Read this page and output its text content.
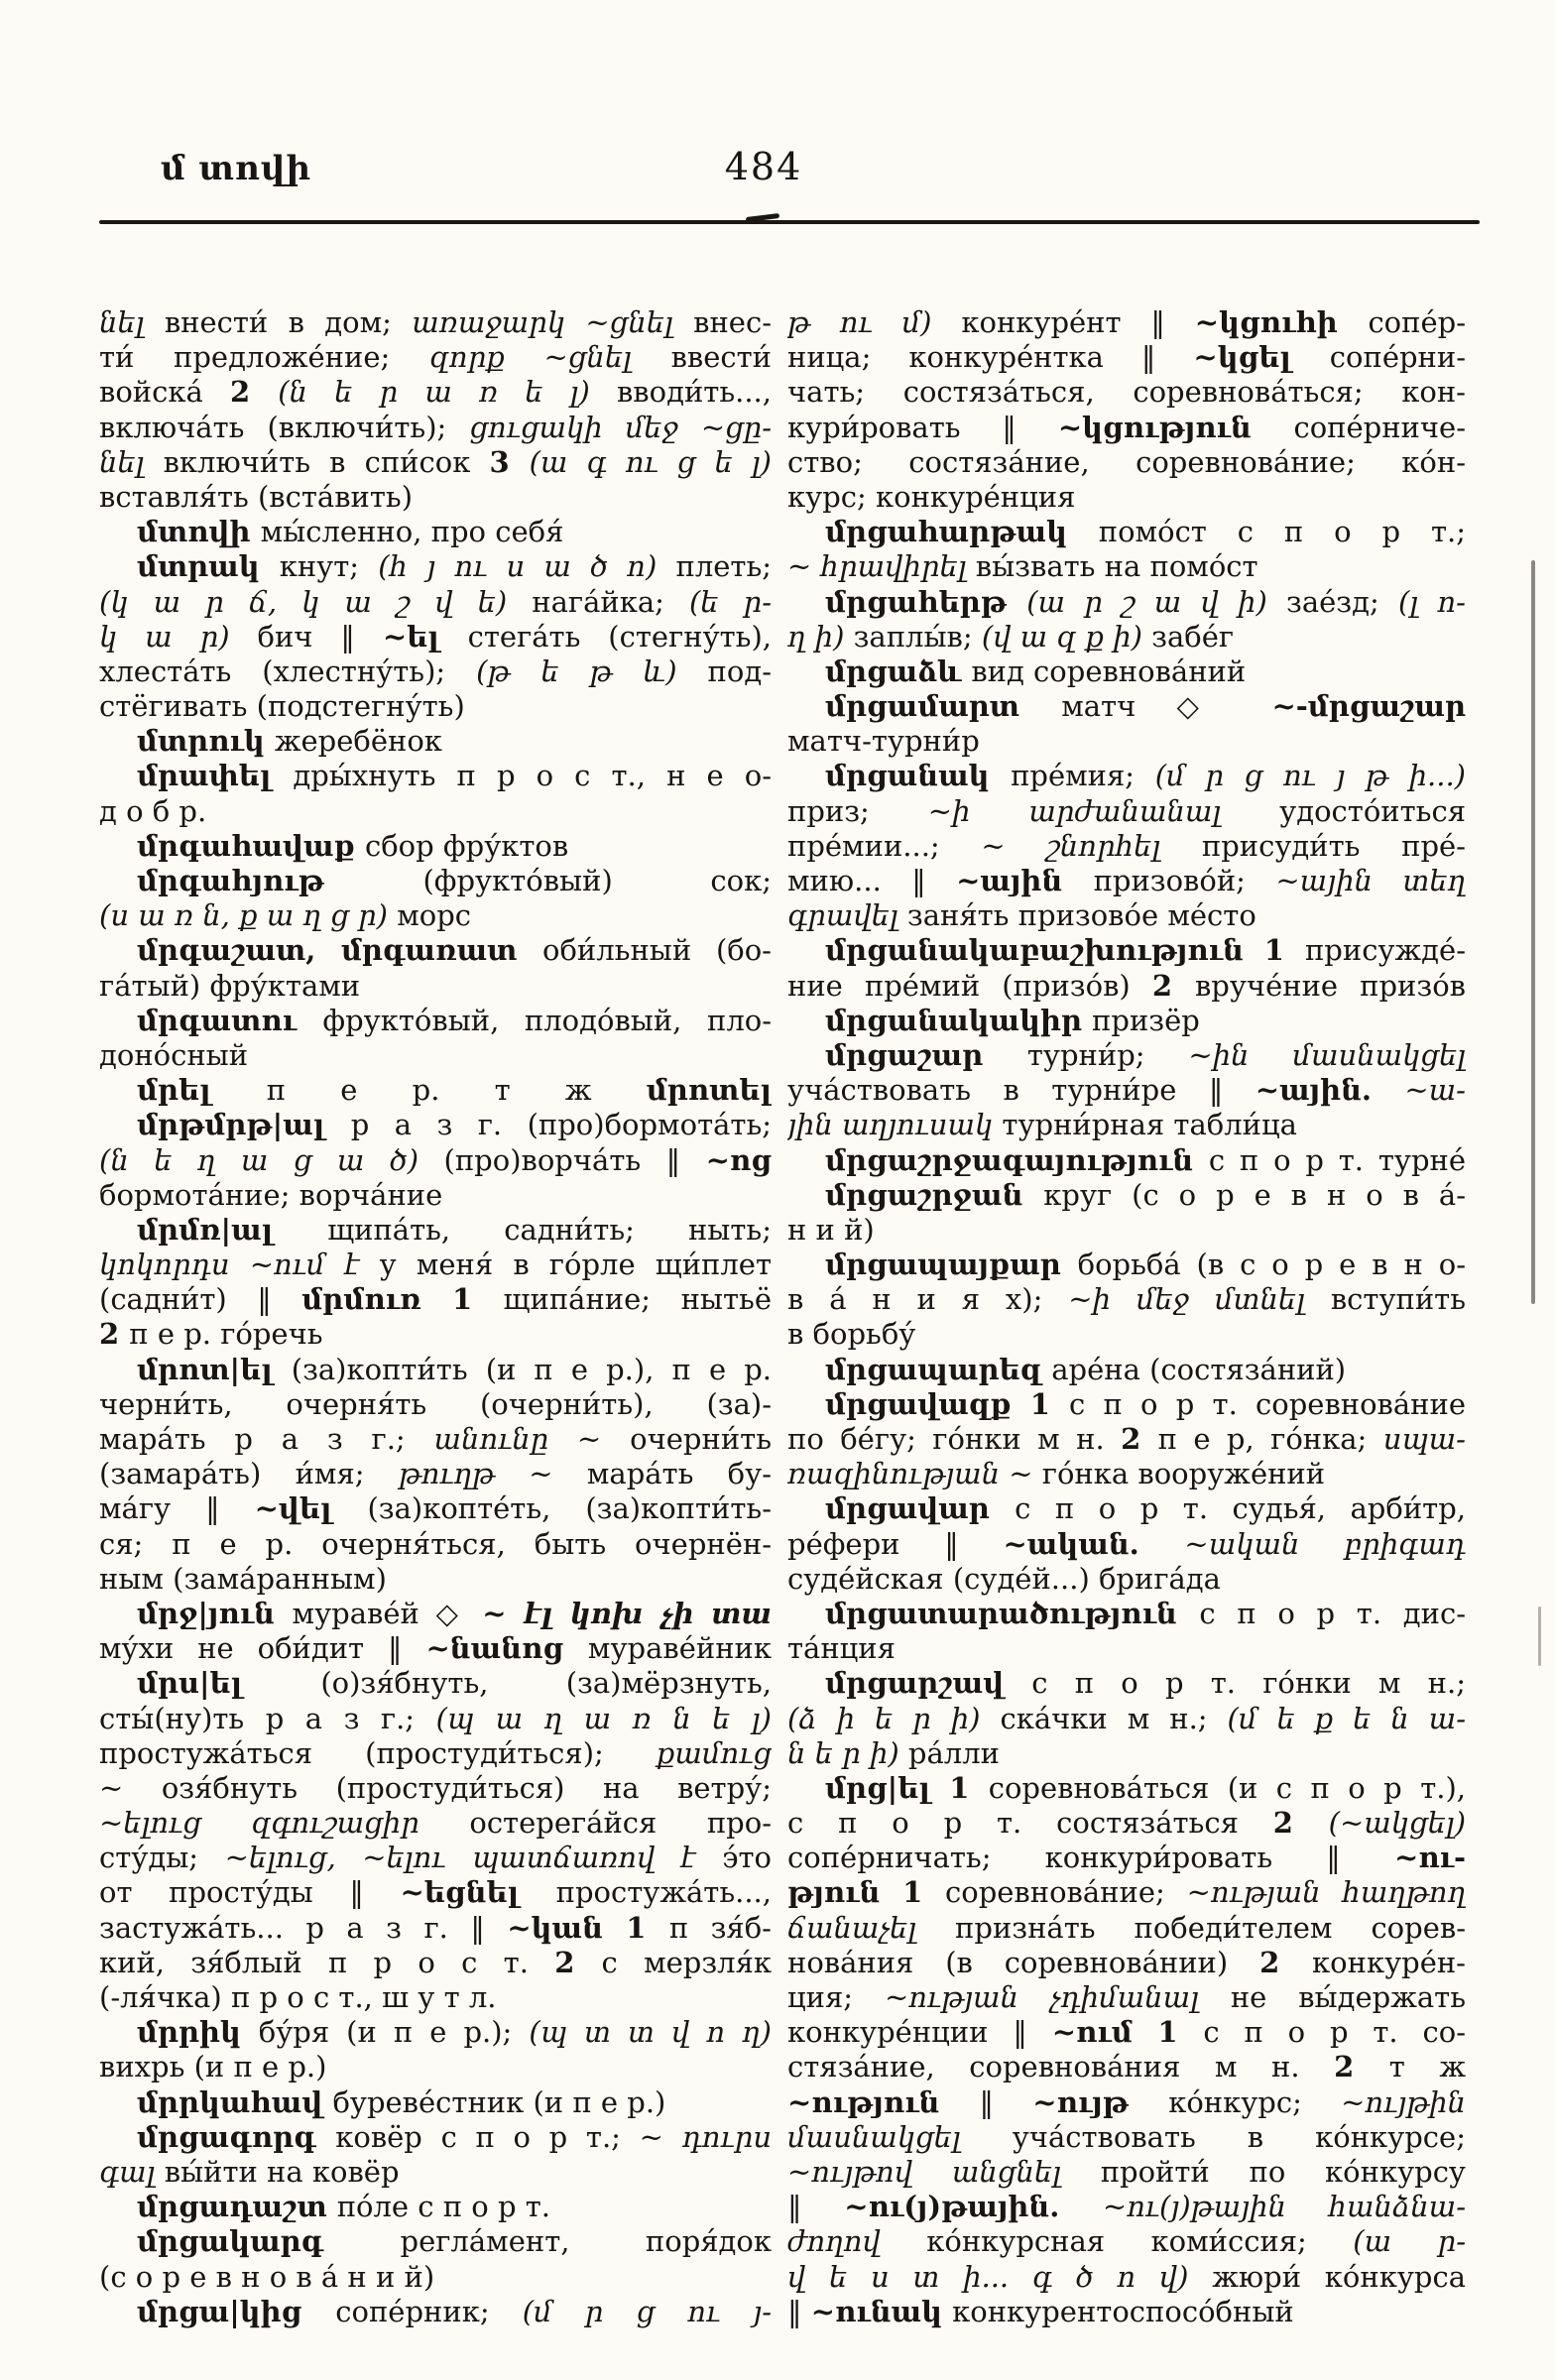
մ տովի	484
նել внести́ в дом; առաջարկ ~ցնել внес-
ти́ предложе́ние; զորք ~ցնել ввести́
войска́ 2 (ն ե ր ա ռ ե լ) вводи́ть...,
включа́ть (включи́ть); ցուցակի մեջ ~ցը-
նել включи́ть в спи́сок 3 (ա գ ու ց ե լ)
вставля́ть (вста́вить)
մտովի мы́сленно, про себя́
մտրակ кнут; (հ յ ու ս ա ծ ո) плеть;
(կ ա ր ճ, կ ա շ վ ե) нага́йка; (ե ր-
կ ա ր) бич ‖ ~ել стега́ть (стегну́ть),
хлеста́ть (хлестну́ть); (թ ե թ և) под-
стёгивать (подстегну́ть)
մտրուկ жеребёнок
մրափել дры́хнуть п р о с т., н е о-
д о б р.
մրգահավաք сбор фру́ктов
մրգահյութ (фрукто́вый) сок;
(ս ա ռ ն, ք ա ղ ց ր) морс
մրգաշատ, մրգառատ оби́льный (бо-
га́тый) фру́ктами
մրգատու фрукто́вый, плодо́вый, пло-
доно́сный
մրել п е р. т ж մրոտել
մրթմրթ|ալ р а з г. (про)бормота́ть;
(ն ե ղ ա ց ա ծ) (про)ворча́ть ‖ ~ոց
бормота́ние; ворча́ние
մրմռ|ալ щипа́ть, садни́ть; ныть;
կոկորդս ~ում է у меня́ в го́рле щи́плет
(садни́т) ‖ մրմուռ 1 щипа́ние; нытьё
2 п е р. го́речь
մրոտ|ել (за)копти́ть (и п е р.), п е р.
черни́ть, очерня́ть (очерни́ть), (за)-
мара́ть р а з г.; անունը ~ очерни́ть
(замара́ть) и́мя; թուղթ ~ мара́ть бу-
ма́гу ‖ ~վել (за)копте́ть, (за)копти́ть-
ся; п е р. очерня́ться, быть очернён-
ным (зама́ранным)
մրջ|յուն мураве́й ◇ ~ էլ կոխ չի տա
му́хи не оби́дит ‖ ~նանոց мураве́йник
մրս|ել (о)зя́бнуть, (за)мёрзнуть,
сты́(ну)ть р а з г.; (պ ա ղ ա ռ ն ե լ)
простужа́ться (простуди́ться); քամուց
~ озя́бнуть (простуди́ться) на ветру́;
~ելուց զգուշացիր остерега́йся про-
сту́ды; ~ելուց, ~ելու պատճառով է э́то
от просту́ды ‖ ~եցնել простужа́ть...,
застужа́ть... р а з г. ‖ ~կան 1 п зя́б-
кий, зя́блый п р о с т. 2 с мерзля́к
(-ля́чка) п р о с т., ш у т л.
մրրիկ бу́ря (и п е р.); (պ տ տ վ ո ղ)
вихрь (и п е р.)
մրրկահավ буреве́стник (и п е р.)
մրցագորգ ковёр с п о р т.; ~ դուրս
գալ вы́йти на ковёр
մրցադաշտ по́ле с п о р т.
մրցակարգ регла́мент, поря́док
(с о р е в н о в а́ н и й)
մրցա|կից сопе́рник; (մ ր ց ու յ-
թ ու մ) конкуре́нт ‖ ~կցուհի сопе́р-
ница; конкуре́нтка ‖ ~կցել сопе́рни-
чать; состяза́ться, соревнова́ться; кон-
кури́ровать ‖ ~կցություն сопе́рниче-
ство; состяза́ние, соревнова́ние; ко́н-
курс; конкуре́нция
մրցահարթակ помо́ст с п о р т.;
~ հրավիրել вы́звать на помо́ст
մրցահերթ (ա ր շ ա վ ի) зае́зд; (լ ո-
ղ ի) заплы́в; (վ ա զ ք ի) забе́г
մրցաձև вид соревнова́ний
մրցամարտ матч ◇ ~-մրցաշար
матч-турни́р
մրցանակ пре́мия; (մ ր ց ու յ թ ի...)
приз; ~ի արժանանալ удосто́иться
пре́мии...; ~ շնորհել присуди́ть пре́-
мию... ‖ ~ային призово́й; ~ային տեղ
գրավել заня́ть призово́е ме́сто
մրցանակաբաշխություն 1 присужде́-
ние пре́мий (призо́в) 2 вруче́ние призо́в
մրցանակակիր призёр
մրցաշար турни́р; ~ին մասնակցել
уча́ствовать в турни́ре ‖ ~ային. ~ա-
յին աղյուսակ турни́рная табли́ца
մրցաշրջագայություն с п о р т. турне́
մրցաշրջան круг (с о р е в н о в а́-
н и й)
մրցապայքար борьба́ (в с о р е в н о-
в а́ н и я х); ~ի մեջ մտնել вступи́ть
в борьбу́
մրցապարեզ аре́на (состяза́ний)
մրցավազք 1 с п о р т. соревнова́ние
по бе́гу; го́нки м н. 2 п е р, го́нка; սպա-
ռազինության ~ го́нка вооруже́ний
մրցավար с п о р т. судья́, арби́тр,
ре́фери ‖ ~ական. ~ական բրիգադ
суде́йская (суде́й...) брига́да
մրցատարածություն с п о р т. дис-
та́нция
մրցարշավ с п о р т. го́нки м н.;
(ձ ի ե ր ի) ска́чки м н.; (մ ե ք ե ն ա-
ն ե ր ի) ра́лли
մրց|ել 1 соревнова́ться (и с п о р т.),
с п о р т. состяза́ться 2 (~ակցել)
сопе́рничать; конкури́ровать ‖ ~ու-
թյուն 1 соревнова́ние; ~ության հաղթող
ճանաչել призна́ть победи́телем сорев-
нова́ния (в соревнова́нии) 2 конкуре́н-
ция; ~ության չդիմանալ не вы́держать
конкуре́нции ‖ ~ում 1 с п о р т. со-
стяза́ние, соревнова́ния м н. 2 т ж
~ություն ‖ ~ույթ ко́нкурс; ~ույթին
մասնակցել уча́ствовать в ко́нкурсе;
~ույթով անցնել пройти́ по ко́нкурсу
‖ ~ու(յ)թային. ~ու(յ)թային հանձնա-
ժողով ко́нкурсная коми́ссия; (ա ր-
վ ե ս տ ի... գ ծ ո վ) жюри́ ко́нкурса
‖ ~ունակ конкурентоспосо́бный
